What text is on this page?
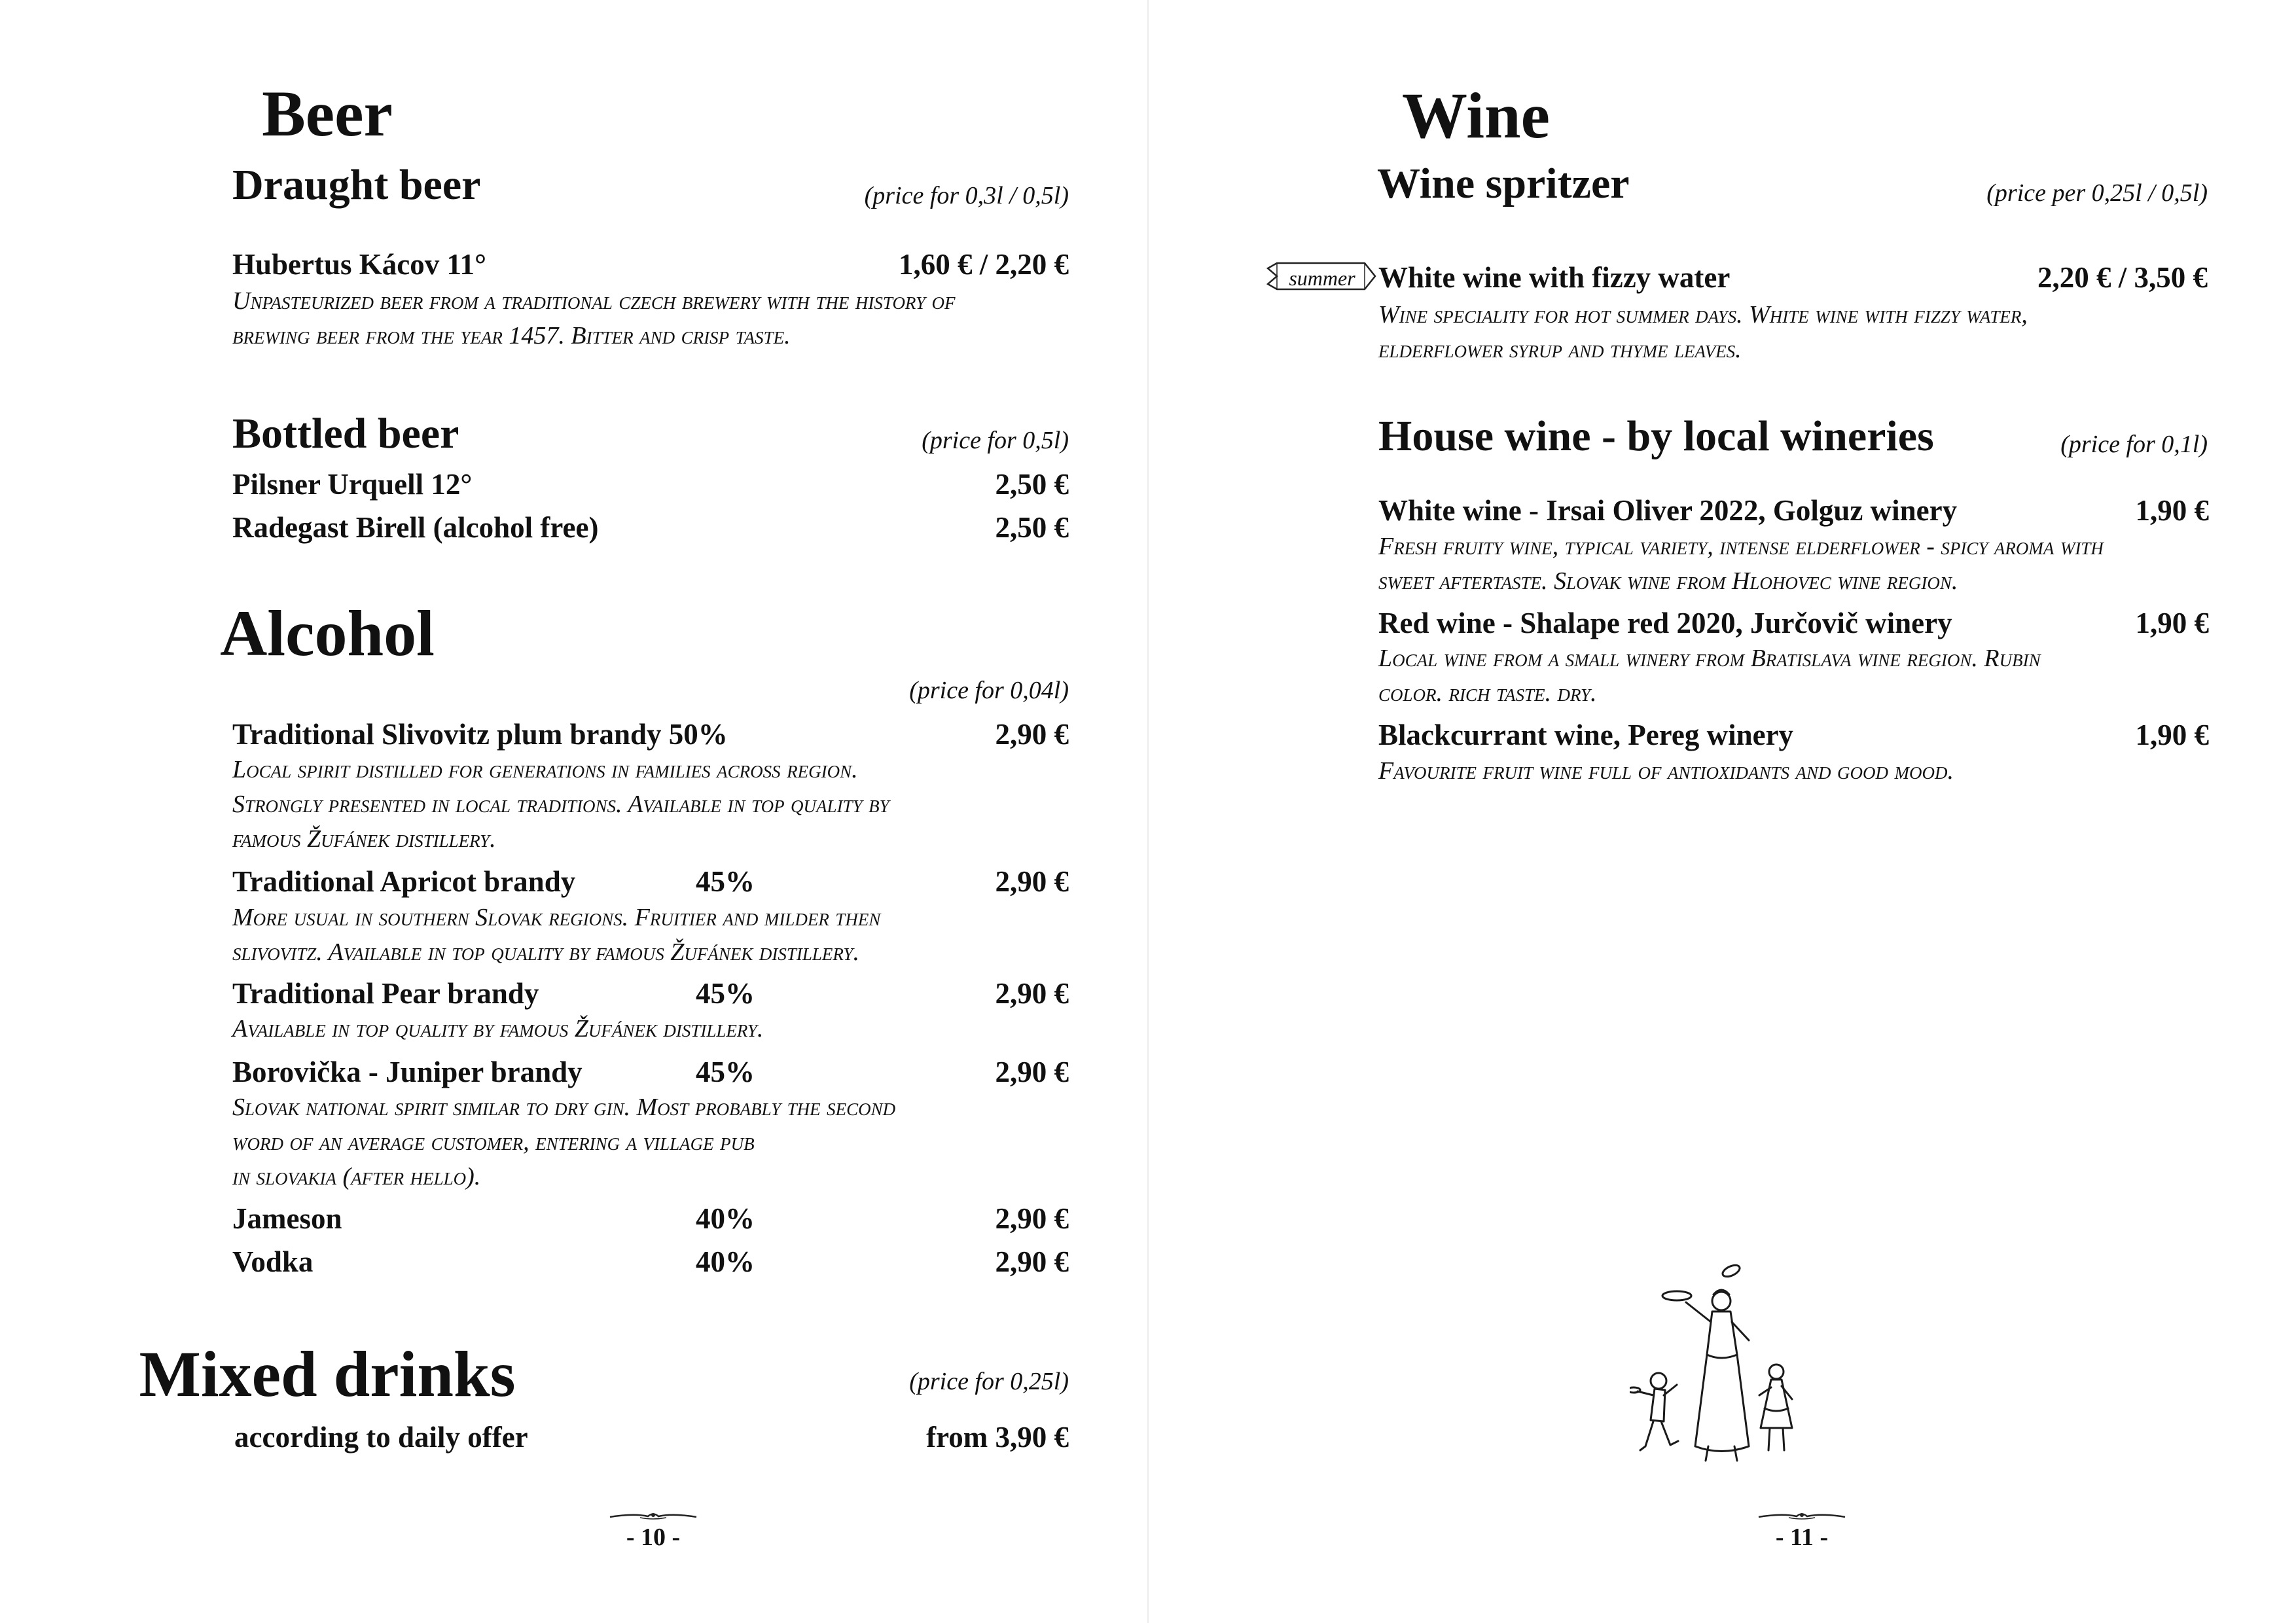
Beer
Draught beer	(price for 0,3l / 0,5l)
Hubertus Kácov 11°	1,60 € / 2,20 €
Unpasteurized beer from a traditional czech brewery with the history of
brewing beer from the year 1457. Bitter and crisp taste.
Bottled beer	(price for 0,5l)
Pilsner Urquell 12°	2,50 €
Radegast Birell (alcohol free)	2,50 €
Alcohol
(price for 0,04l)
Traditional Slivovitz plum brandy 50%	2,90 €
Local spirit distilled for generations in families across region.
Strongly presented in local traditions. Available in top quality by
famous Žufánek distillery.
Traditional Apricot brandy	45%	2,90 €
More usual in southern Slovak regions. Fruitier and milder then
slivovitz. Available in top quality by famous Žufánek distillery.
Traditional Pear brandy	45%	2,90 €
Available in top quality by famous Žufánek distillery.
Borovička - Juniper brandy	45%	2,90 €
Slovak national spirit similar to dry gin. Most probably the second
word of an average customer, entering a village pub
in slovakia (after hello).
Jameson	40%	2,90 €
Vodka	40%	2,90 €
Mixed drinks	(price for 0,25l)
according to daily offer	from 3,90 €
- 10 -
Wine
Wine spritzer	(price per 0,25l / 0,5l)
summer White wine with fizzy water	2,20 € / 3,50 €
Wine speciality for hot summer days. White wine with fizzy water,
elderflower syrup and thyme leaves.
House wine - by local wineries	(price for 0,1l)
White wine - Irsai Oliver 2022, Golguz winery	1,90 €
Fresh fruity wine, typical variety, intense elderflower - spicy aroma with
sweet aftertaste. Slovak wine from Hlohovec wine region.
Red wine - Shalape red 2020, Jurčovič winery	1,90 €
Local wine from a small winery from Bratislava wine region. Rubin
color. rich taste. dry.
Blackcurrant wine, Pereg winery	1,90 €
Favourite fruit wine full of antioxidants and good mood.
- 11 -
